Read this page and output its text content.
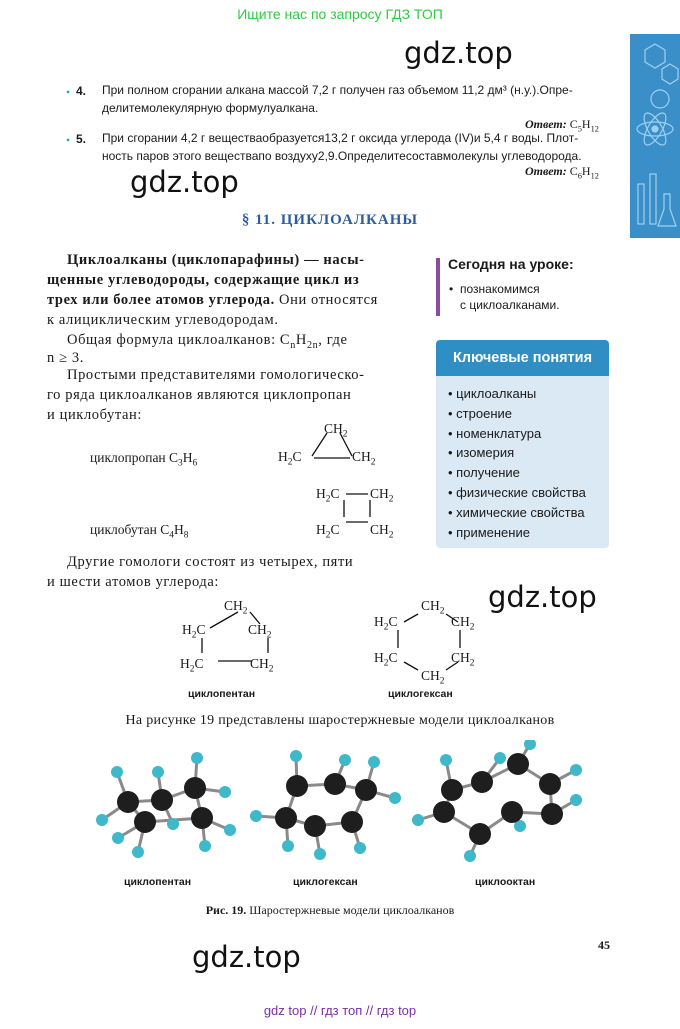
Ищите нас по запросу ГДЗ ТОП
gdz.top
gdz.top
gdz.top
gdz.top
• 4. При полном сгорании алкана массой 7,2 г получен газ объемом 11,2 дм³ (н.у.).Опре-
делитемолекулярную формулуалкана.
Ответ: $C_5H_{12}$
• 5. При сгорании 4,2 г веществаобразуется13,2 г оксида углерода (IV)и 5,4 г воды. Плот-
ность паров этого веществапо воздуху2,9.Определитесоставмолекулы углеводорода.
Ответ: $C_6H_{12}$
§ 11. ЦИКЛОАЛКАНЫ
Циклоалканы (циклопарафины) — насы-
щенные углеводороды, содержащие цикл из
трех или более атомов углерода. Они относятся
к алициклическим углеводородам.
Общая формула циклоалканов: $C_nH_{2n}$, где
n ≥ 3.
Простыми представителями гомологическо-
го ряда циклоалканов являются циклопропан
и циклобутан:
циклопропан $C_3H_6$
$CH_2$
$H_2C$	$CH_2$
циклобутан $C_4H_8$
$H_2C$ $CH_2$
$H_2C$ $CH_2$
Другие гомологи состоят из четырех, пяти
и шести атомов углерода:
$CH_2$
$H_2C$	$CH_2$
$H_2C$	$CH_2$
циклопентан
$CH_2$
$H_2C$	$CH_2$
$H_2C$	$CH_2$
$CH_2$
циклогексан
Сегодня на уроке:
• познакомимся
с циклоалканами.
Ключевые понятия
• циклоалканы
• строение
• номенклатура
• изомерия
• получение
• физические свойства
• химические свойства
• применение
На рисунке 19 представлены шаростержневые модели циклоалканов
циклопентан	циклогексан	циклооктан
Рис. 19. Шаростержневые модели циклоалканов
45
gdz top // гдз топ // гдз top
